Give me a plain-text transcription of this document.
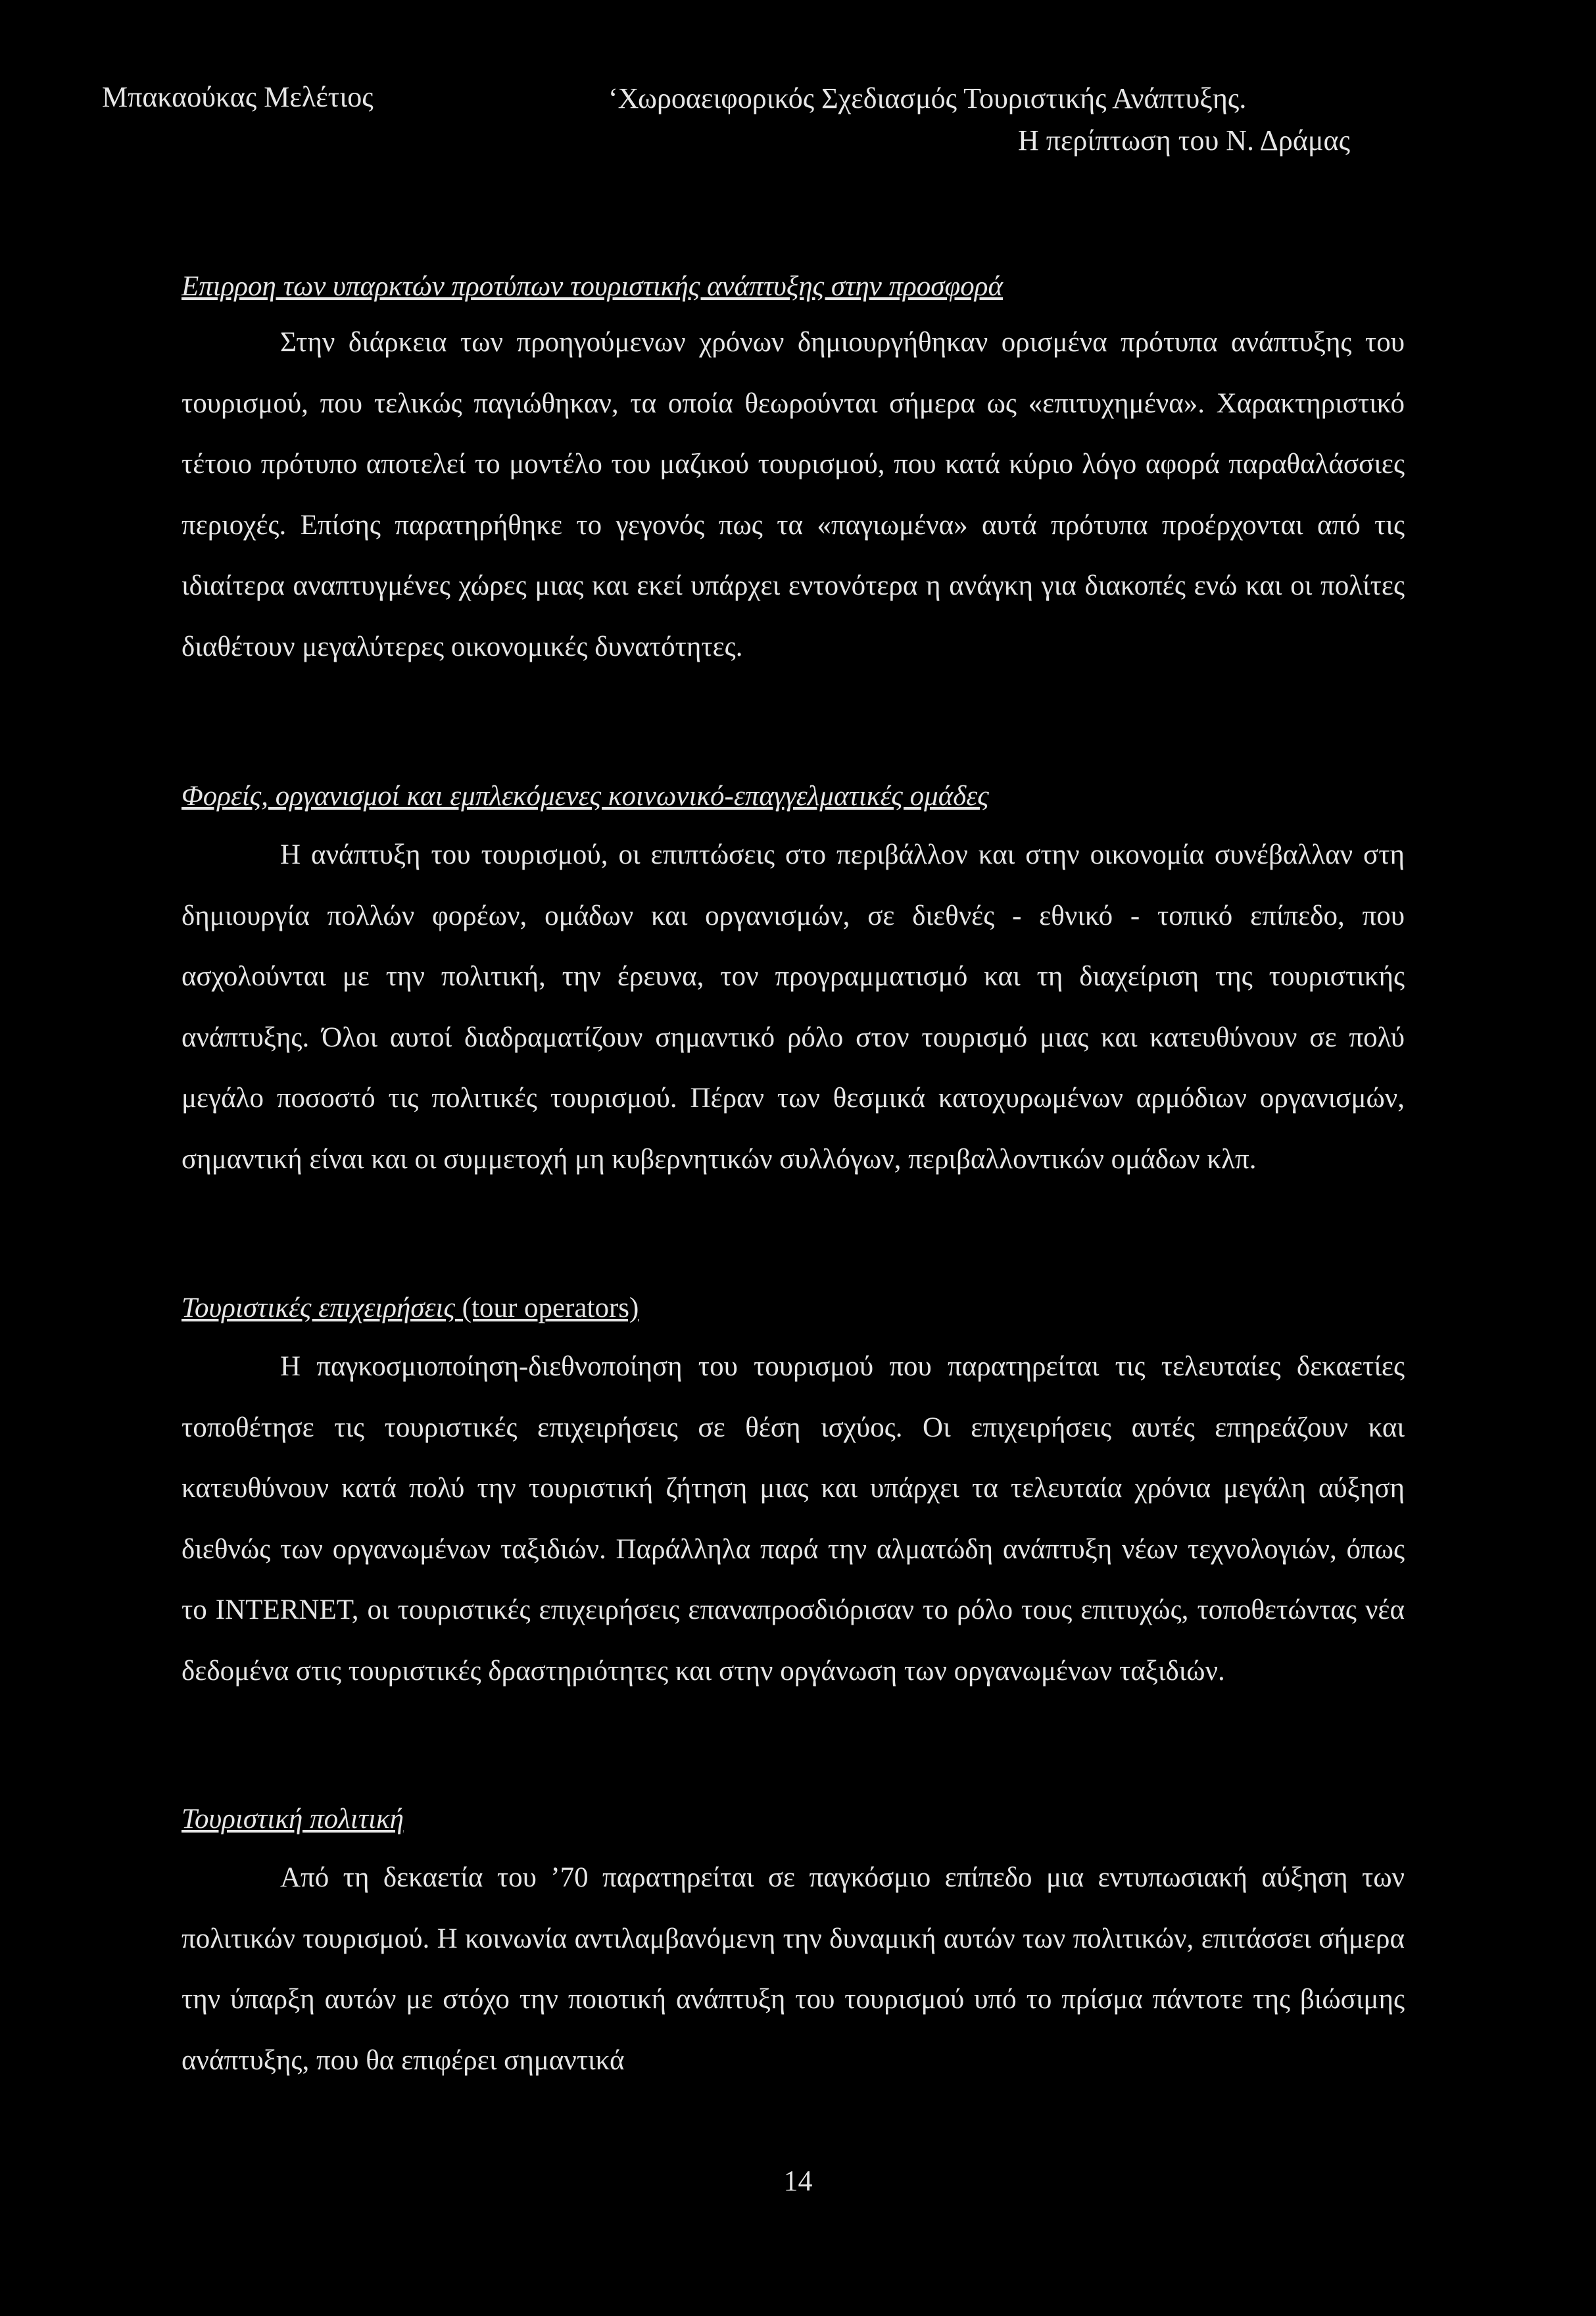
Μπακαούκας Μελέτιος	‘Χωροαειφορικός Σχεδιασμός Τουριστικής Ανάπτυξης.
Η περίπτωση του Ν. Δράμας

Επιρροη των υπαρκτών προτύπων τουριστικής ανάπτυξης στην προσφορά

Στην διάρκεια των προηγούμενων χρόνων δημιουργήθηκαν ορισμένα πρότυπα ανάπτυξης του τουρισμού, που τελικώς παγιώθηκαν, τα οποία θεωρούνται σήμερα ως «επιτυχημένα». Χαρακτηριστικό τέτοιο πρότυπο αποτελεί το μοντέλο του μαζικού τουρισμού, που κατά κύριο λόγο αφορά παραθαλάσσιες περιοχές. Επίσης παρατηρήθηκε το γεγονός πως τα «παγιωμένα» αυτά πρότυπα προέρχονται από τις ιδιαίτερα αναπτυγμένες χώρες μιας και εκεί υπάρχει εντονότερα η ανάγκη για διακοπές ενώ και οι πολίτες διαθέτουν μεγαλύτερες οικονομικές δυνατότητες.

Φορείς, οργανισμοί και εμπλεκόμενες κοινωνικό-επαγγελματικές ομάδες

Η ανάπτυξη του τουρισμού, οι επιπτώσεις στο περιβάλλον και στην οικονομία συνέβαλλαν στη δημιουργία πολλών φορέων, ομάδων και οργανισμών, σε διεθνές - εθνικό - τοπικό επίπεδο, που ασχολούνται με την πολιτική, την έρευνα, τον προγραμματισμό και τη διαχείριση της τουριστικής ανάπτυξης. Όλοι αυτοί διαδραματίζουν σημαντικό ρόλο στον τουρισμό μιας και κατευθύνουν σε πολύ μεγάλο ποσοστό τις πολιτικές τουρισμού. Πέραν των θεσμικά κατοχυρωμένων αρμόδιων οργανισμών, σημαντική είναι και οι συμμετοχή μη κυβερνητικών συλλόγων, περιβαλλοντικών ομάδων κλπ.

Τουριστικές επιχειρήσεις (tour operators)

Η παγκοσμιοποίηση-διεθνοποίηση του τουρισμού που παρατηρείται τις τελευταίες δεκαετίες τοποθέτησε τις τουριστικές επιχειρήσεις σε θέση ισχύος. Οι επιχειρήσεις αυτές επηρεάζουν και κατευθύνουν κατά πολύ την τουριστική ζήτηση μιας και υπάρχει τα τελευταία χρόνια μεγάλη αύξηση διεθνώς των οργανωμένων ταξιδιών. Παράλληλα παρά την αλματώδη ανάπτυξη νέων τεχνολογιών, όπως το INTERNET, οι τουριστικές επιχειρήσεις επαναπροσδιόρισαν το ρόλο τους επιτυχώς, τοποθετώντας νέα δεδομένα στις τουριστικές δραστηριότητες και στην οργάνωση των οργανωμένων ταξιδιών.

Τουριστική πολιτική

Από τη δεκαετία του ’70 παρατηρείται σε παγκόσμιο επίπεδο μια εντυπωσιακή αύξηση των πολιτικών τουρισμού. Η κοινωνία αντιλαμβανόμενη την δυναμική αυτών των πολιτικών, επιτάσσει σήμερα την ύπαρξη αυτών με στόχο την ποιοτική ανάπτυξη του τουρισμού υπό το πρίσμα πάντοτε της βιώσιμης ανάπτυξης, που θα επιφέρει σημαντικά

14
